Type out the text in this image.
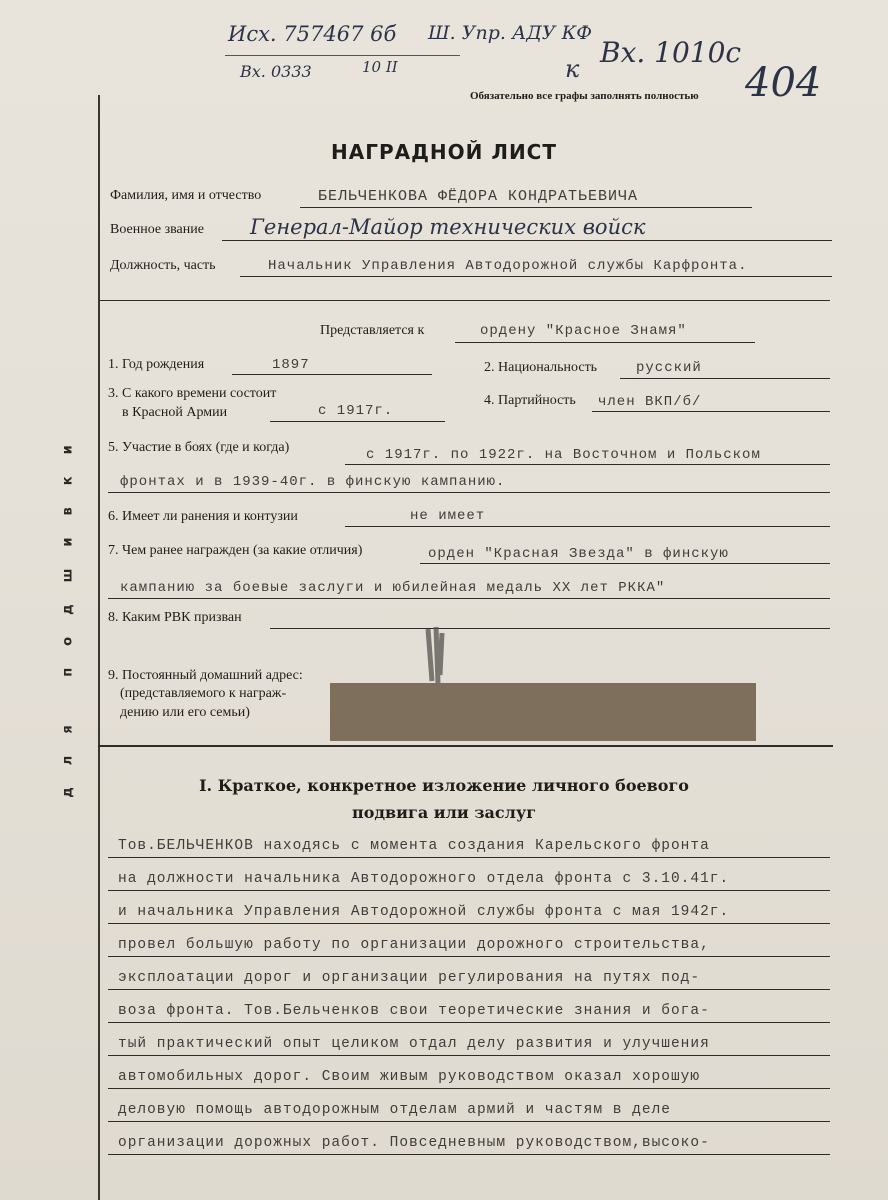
Исх. 757467 6б Ш. Упр. АДУ КФ
Вх. 0333	10 II	к Вх. 1010с
404
Обязательно все графы заполнять полностью
для подшивки
НАГРАДНОЙ ЛИСТ
Фамилия, имя и отчество	БЕЛЬЧЕНКОВА ФЁДОРА КОНДРАТЬЕВИЧА
Военное звание Генерал-Майор технических войск
Должность, часть	Начальник Управления Автодорожной службы Карфронта.
Представляется к	ордену "Красное Знамя"
1. Год рождения	1897	2. Национальность	русский
3. С какого времени состоит
в Красной Армии	с 1917г.
4. Партийность член ВКП/б/
5. Участие в боях (где и когда)	с 1917г. по 1922г. на Восточном и Польском
фронтах и в 1939-40г. в финскую кампанию.
6. Имеет ли ранения и контузии	не имеет
7. Чем ранее награжден (за какие отличия)	орден "Красная Звезда" в финскую
кампанию за боевые заслуги и юбилейная медаль XX лет РККА"
8. Каким РВК призван
9. Постоянный домашний адрес:
(представляемого к награж-
дению или его семьи)
I. Краткое, конкретное изложение личного боевого
подвига или заслуг
Тов.БЕЛЬЧЕНКОВ находясь с момента создания Карельского фронта
на должности начальника Автодорожного отдела фронта с 3.10.41г.
и начальника Управления Автодорожной службы фронта с мая 1942г.
провел большую работу по организации дорожного строительства,
эксплоатации дорог и организации регулирования на путях под-
воза фронта. Тов.Бельченков свои теоретические знания и бога-
тый практический опыт целиком отдал делу развития и улучшения
автомобильных дорог. Своим живым руководством оказал хорошую
деловую помощь автодорожным отделам армий и частям в деле
организации дорожных работ. Повседневным руководством,высоко-
